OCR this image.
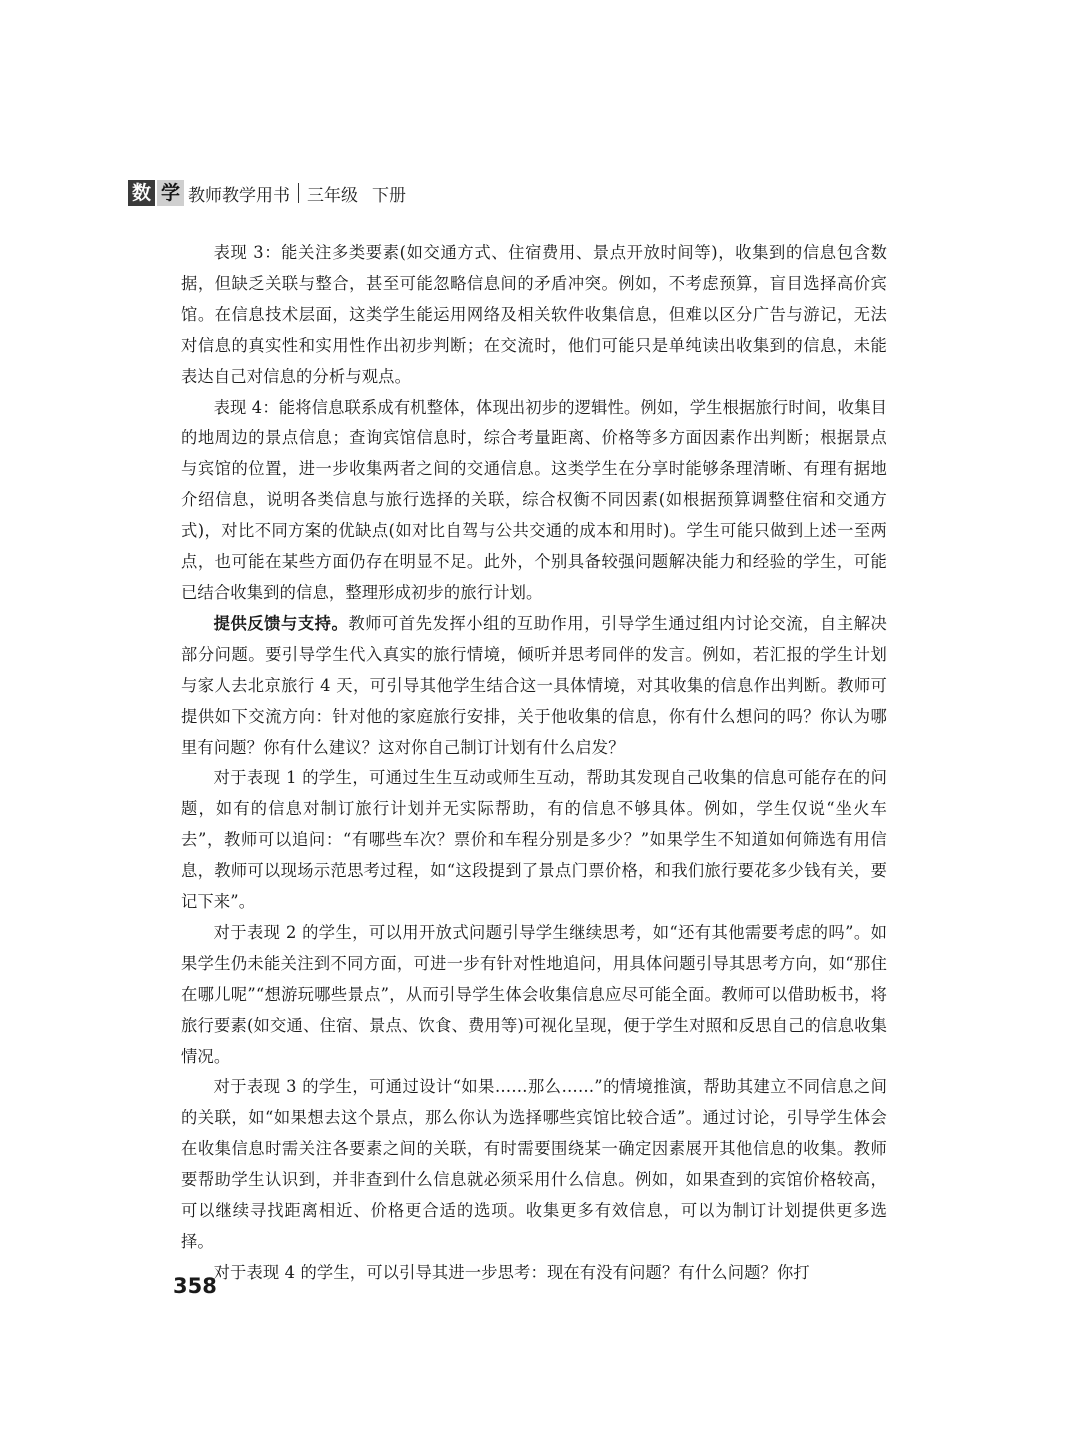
数 学 教师教学用书 三年级 下册

表现 3：能关注多类要素(如交通方式、住宿费用、景点开放时间等)，收集到的信息包含数据，但缺乏关联与整合，甚至可能忽略信息间的矛盾冲突。例如，不考虑预算，盲目选择高价宾馆。在信息技术层面，这类学生能运用网络及相关软件收集信息，但难以区分广告与游记，无法对信息的真实性和实用性作出初步判断；在交流时，他们可能只是单纯读出收集到的信息，未能表达自己对信息的分析与观点。

表现 4：能将信息联系成有机整体，体现出初步的逻辑性。例如，学生根据旅行时间，收集目的地周边的景点信息；查询宾馆信息时，综合考量距离、价格等多方面因素作出判断；根据景点与宾馆的位置，进一步收集两者之间的交通信息。这类学生在分享时能够条理清晰、有理有据地介绍信息，说明各类信息与旅行选择的关联，综合权衡不同因素(如根据预算调整住宿和交通方式)，对比不同方案的优缺点(如对比自驾与公共交通的成本和用时)。学生可能只做到上述一至两点，也可能在某些方面仍存在明显不足。此外，个别具备较强问题解决能力和经验的学生，可能已结合收集到的信息，整理形成初步的旅行计划。

提供反馈与支持。教师可首先发挥小组的互助作用，引导学生通过组内讨论交流，自主解决部分问题。要引导学生代入真实的旅行情境，倾听并思考同伴的发言。例如，若汇报的学生计划与家人去北京旅行 4 天，可引导其他学生结合这一具体情境，对其收集的信息作出判断。教师可提供如下交流方向：针对他的家庭旅行安排，关于他收集的信息，你有什么想问的吗？你认为哪里有问题？你有什么建议？这对你自己制订计划有什么启发？

对于表现 1 的学生，可通过生生互动或师生互动，帮助其发现自己收集的信息可能存在的问题，如有的信息对制订旅行计划并无实际帮助，有的信息不够具体。例如，学生仅说“坐火车去”，教师可以追问：“有哪些车次？票价和车程分别是多少？”如果学生不知道如何筛选有用信息，教师可以现场示范思考过程，如“这段提到了景点门票价格，和我们旅行要花多少钱有关，要记下来”。

对于表现 2 的学生，可以用开放式问题引导学生继续思考，如“还有其他需要考虑的吗”。如果学生仍未能关注到不同方面，可进一步有针对性地追问，用具体问题引导其思考方向，如“那住在哪儿呢”“想游玩哪些景点”，从而引导学生体会收集信息应尽可能全面。教师可以借助板书，将旅行要素(如交通、住宿、景点、饮食、费用等)可视化呈现，便于学生对照和反思自己的信息收集情况。

对于表现 3 的学生，可通过设计“如果……那么……”的情境推演，帮助其建立不同信息之间的关联，如“如果想去这个景点，那么你认为选择哪些宾馆比较合适”。通过讨论，引导学生体会在收集信息时需关注各要素之间的关联，有时需要围绕某一确定因素展开其他信息的收集。教师要帮助学生认识到，并非查到什么信息就必须采用什么信息。例如，如果查到的宾馆价格较高，可以继续寻找距离相近、价格更合适的选项。收集更多有效信息，可以为制订计划提供更多选择。

对于表现 4 的学生，可以引导其进一步思考：现在有没有问题？有什么问题？你打

358
